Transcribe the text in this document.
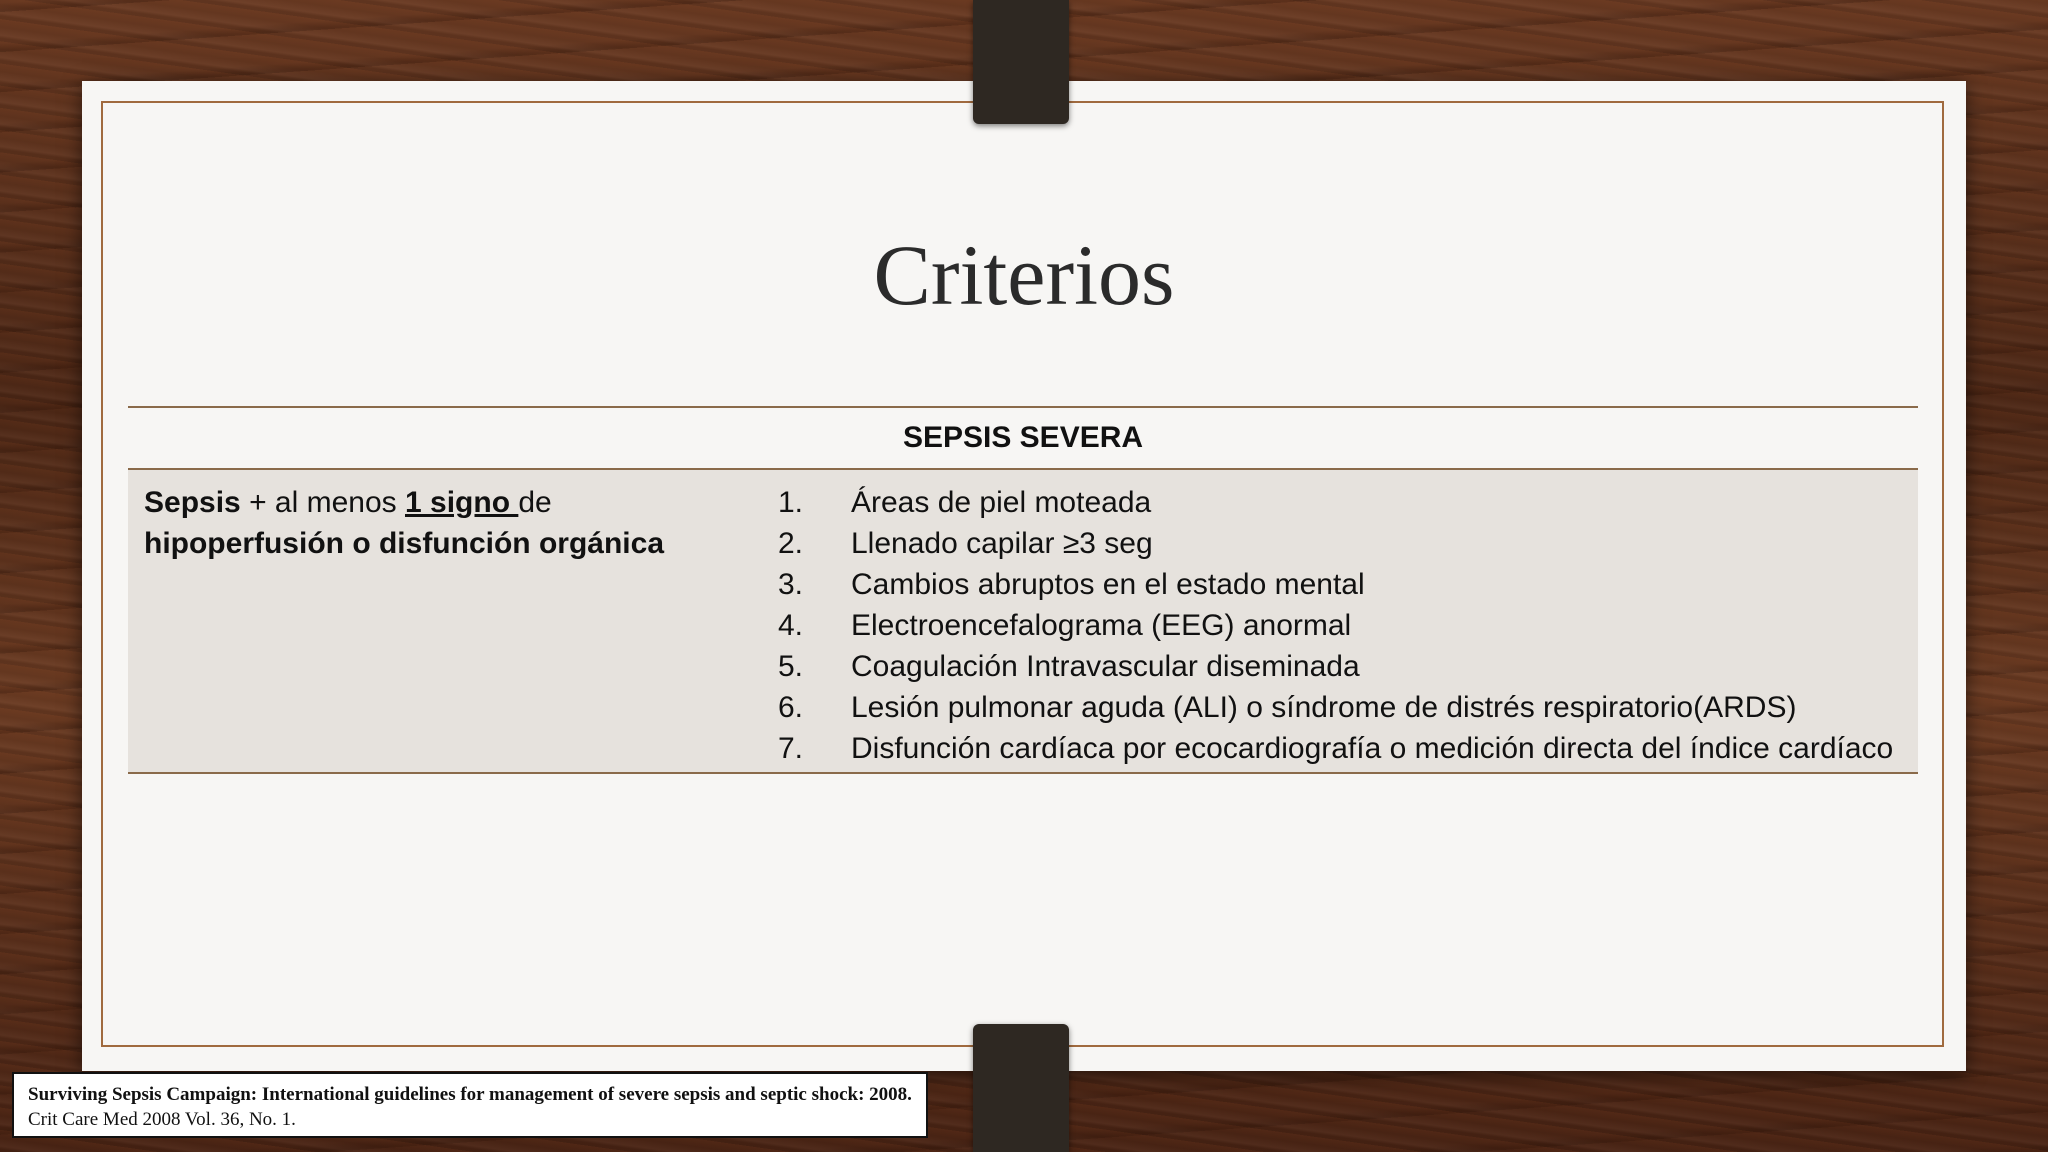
Criterios
SEPSIS SEVERA
Sepsis + al menos 1 signo de
hipoperfusión o disfunción orgánica
1. Áreas de piel moteada
2. Llenado capilar ≥3 seg
3. Cambios abruptos en el estado mental
4. Electroencefalograma (EEG) anormal
5. Coagulación Intravascular diseminada
6. Lesión pulmonar aguda (ALI) o síndrome de distrés respiratorio(ARDS)
7. Disfunción cardíaca por ecocardiografía o medición directa del índice cardíaco
Surviving Sepsis Campaign: International guidelines for management of severe sepsis and septic shock: 2008. Crit Care Med 2008 Vol. 36, No. 1.
